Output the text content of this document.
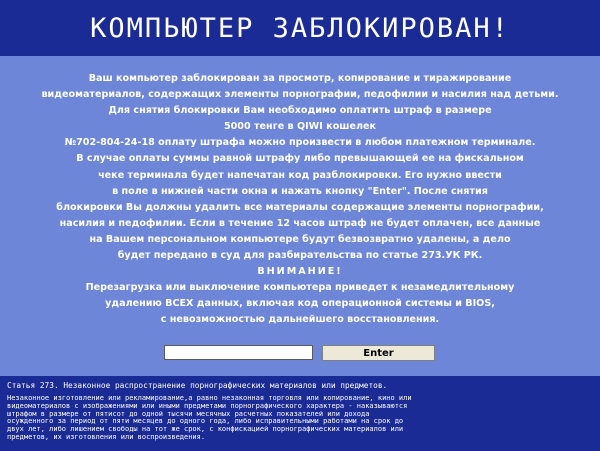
КОМПЬЮТЕР ЗАБЛОКИРОВАН!
Ваш компьютер заблокирован за просмотр, копирование и тиражирование
видеоматериалов, содержащих элементы порнографии, педофилии и насилия над детьми.
Для снятия блокировки Вам необходимо оплатить штраф в размере
5000 тенге в QIWI кошелек
№702-804-24-18 оплату штрафа можно произвести в любом платежном терминале.
В случае оплаты суммы равной штрафу либо превышающей ее на фискальном
чеке терминала будет напечатан код разблокировки. Его нужно ввести
в поле в нижней части окна и нажать кнопку "Enter". После снятия
блокировки Вы должны удалить все материалы содержащие элементы порнографии,
насилия и педофилии. Если в течение 12 часов штраф не будет оплачен, все данные
на Вашем персональном компьютере будут безвозвратно удалены, а дело
будет передано в суд для разбирательства по статье 273.УК РК.
ВНИМАНИЕ!
Перезагрузка или выключение компьютера приведет к незамедлительному
удалению ВСЕХ данных, включая код операционной системы и BIOS,
с невозможностью дальнейшего восстановления.
Enter
Статья 273. Незаконное распространение порнографических материалов или предметов.
Незаконное изготовление или рекламирование,а равно незаконная торговля или копирование, кино или
видеоматериалов с изображениями или иными предметами порнографического характера - наказываются
штрафом в размере от пятисот до одной тысячи месячных расчетных показателей или дохода
осужденного за период от пяти месяцев до одного года, либо исправительными работами на срок до
двух лет, либо лишением свободы на тот же срок, с конфискацией порнографических материалов или
предметов, их изготовления или воспроизведения.
